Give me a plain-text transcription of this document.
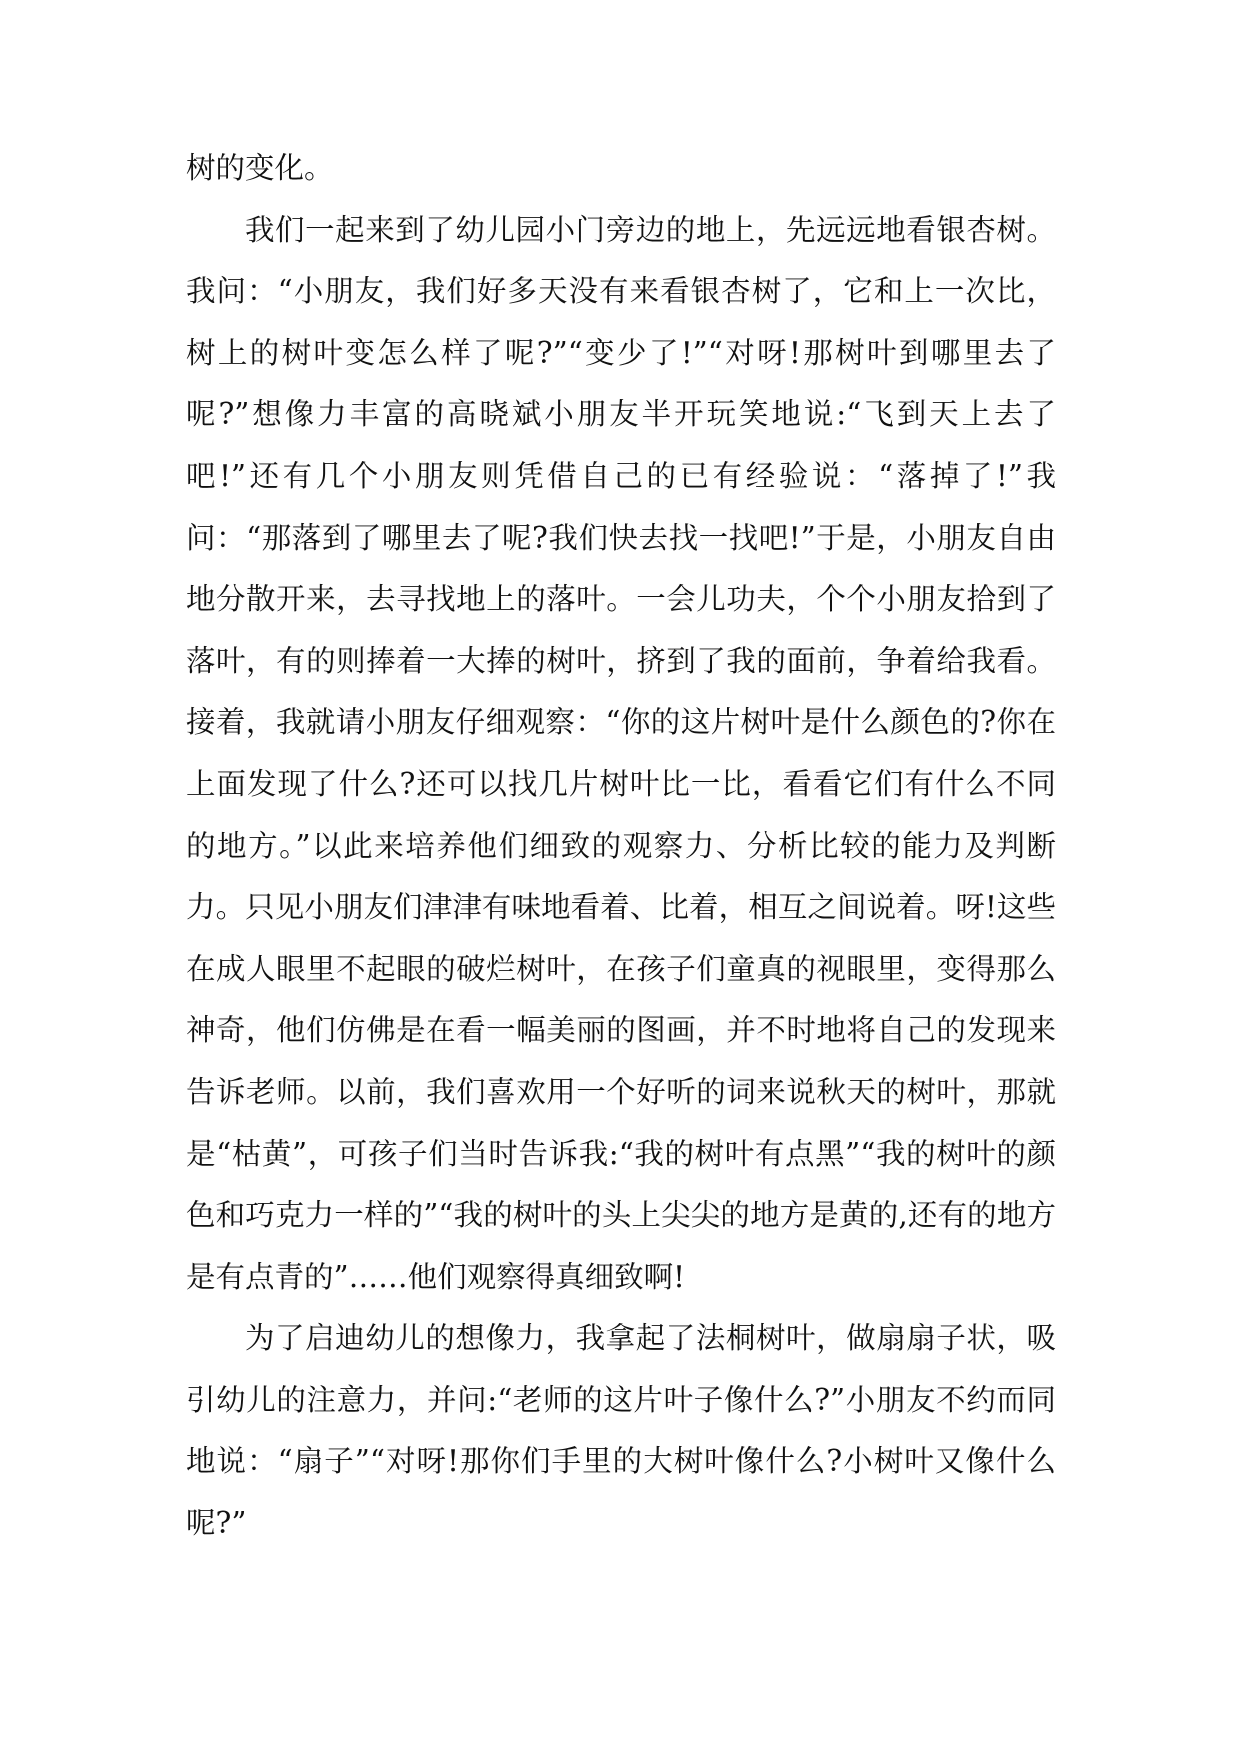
树的变化。

我们一起来到了幼儿园小门旁边的地上，先远远地看银杏树。我问：“小朋友，我们好多天没有来看银杏树了，它和上一次比，树上的树叶变怎么样了呢?”“变少了!”“对呀!那树叶到哪里去了呢?”想像力丰富的高晓斌小朋友半开玩笑地说:“飞到天上去了吧!”还有几个小朋友则凭借自己的已有经验说：“落掉了!”我问：“那落到了哪里去了呢?我们快去找一找吧!”于是，小朋友自由地分散开来，去寻找地上的落叶。一会儿功夫，个个小朋友拾到了落叶，有的则捧着一大捧的树叶，挤到了我的面前，争着给我看。接着，我就请小朋友仔细观察：“你的这片树叶是什么颜色的?你在上面发现了什么?还可以找几片树叶比一比，看看它们有什么不同的地方。”以此来培养他们细致的观察力、分析比较的能力及判断力。只见小朋友们津津有味地看着、比着，相互之间说着。呀!这些在成人眼里不起眼的破烂树叶，在孩子们童真的视眼里，变得那么神奇，他们仿佛是在看一幅美丽的图画，并不时地将自己的发现来告诉老师。以前，我们喜欢用一个好听的词来说秋天的树叶，那就是“枯黄”，可孩子们当时告诉我:“我的树叶有点黑”“我的树叶的颜色和巧克力一样的”“我的树叶的头上尖尖的地方是黄的,还有的地方是有点青的”……他们观察得真细致啊!

为了启迪幼儿的想像力，我拿起了法桐树叶，做扇扇子状，吸引幼儿的注意力，并问:“老师的这片叶子像什么?”小朋友不约而同地说：“扇子”“对呀!那你们手里的大树叶像什么?小树叶又像什么呢?”
